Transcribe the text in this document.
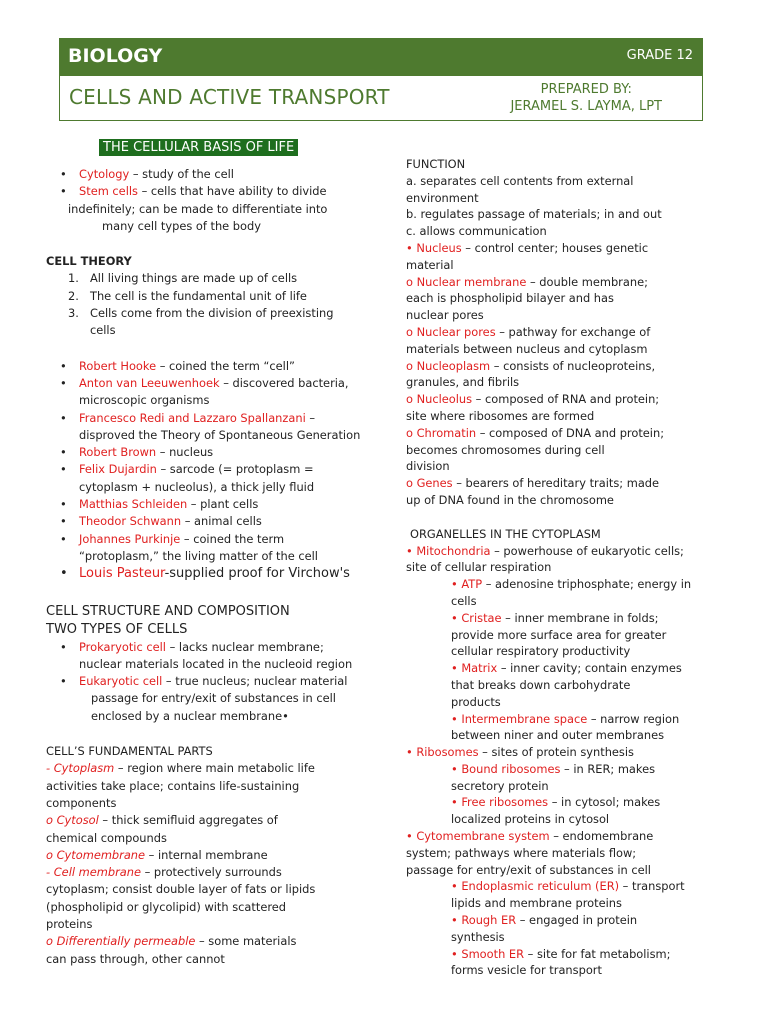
BIOLOGY	GRADE 12
CELLS AND ACTIVE TRANSPORT	PREPARED BY:
JERAMEL S. LAYMA, LPT
THE CELLULAR BASIS OF LIFE

• Cytology – study of the cell

• Stem cells – cells that have ability to divide

indefinitely; can be made to differentiate into

many cell types of the body

CELL THEORY

1. All living things are made up of cells

2. The cell is the fundamental unit of life

3. Cells come from the division of preexisting

cells

• Robert Hooke – coined the term “cell”

• Anton van Leeuwenhoek – discovered bacteria,

microscopic organisms

• Francesco Redi and Lazzaro Spallanzani –

disproved the Theory of Spontaneous Generation

• Robert Brown – nucleus

• Felix Dujardin – sarcode (= protoplasm =

cytoplasm + nucleolus), a thick jelly fluid

• Matthias Schleiden – plant cells

• Theodor Schwann – animal cells

• Johannes Purkinje – coined the term

“protoplasm,” the living matter of the cell

• Louis Pasteur-supplied proof for Virchow's

CELL STRUCTURE AND COMPOSITION

TWO TYPES OF CELLS

• Prokaryotic cell – lacks nuclear membrane;

nuclear materials located in the nucleoid region

• Eukaryotic cell – true nucleus; nuclear material

passage for entry/exit of substances in cell

enclosed by a nuclear membrane•

CELL’S FUNDAMENTAL PARTS

- Cytoplasm – region where main metabolic life

activities take place; contains life-sustaining

components

o Cytosol – thick semifluid aggregates of

chemical compounds

o Cytomembrane – internal membrane

- Cell membrane – protectively surrounds

cytoplasm; consist double layer of fats or lipids

(phospholipid or glycolipid) with scattered

proteins

o Differentially permeable – some materials

can pass through, other cannot

FUNCTION

a. separates cell contents from external

environment

b. regulates passage of materials; in and out

c. allows communication

• Nucleus – control center; houses genetic

material

o Nuclear membrane – double membrane;

each is phospholipid bilayer and has

nuclear pores

o Nuclear pores – pathway for exchange of

materials between nucleus and cytoplasm

o Nucleoplasm – consists of nucleoproteins,

granules, and fibrils

o Nucleolus – composed of RNA and protein;

site where ribosomes are formed

o Chromatin – composed of DNA and protein;

becomes chromosomes during cell

division

o Genes – bearers of hereditary traits; made

up of DNA found in the chromosome

ORGANELLES IN THE CYTOPLASM

• Mitochondria – powerhouse of eukaryotic cells;

site of cellular respiration

• ATP – adenosine triphosphate; energy in

cells

• Cristae – inner membrane in folds;

provide more surface area for greater

cellular respiratory productivity

• Matrix – inner cavity; contain enzymes

that breaks down carbohydrate

products

• Intermembrane space – narrow region

between niner and outer membranes

• Ribosomes – sites of protein synthesis

• Bound ribosomes – in RER; makes

secretory protein

• Free ribosomes – in cytosol; makes

localized proteins in cytosol

• Cytomembrane system – endomembrane

system; pathways where materials flow;

passage for entry/exit of substances in cell

• Endoplasmic reticulum (ER) – transport

lipids and membrane proteins

• Rough ER – engaged in protein

synthesis

• Smooth ER – site for fat metabolism;

forms vesicle for transport
